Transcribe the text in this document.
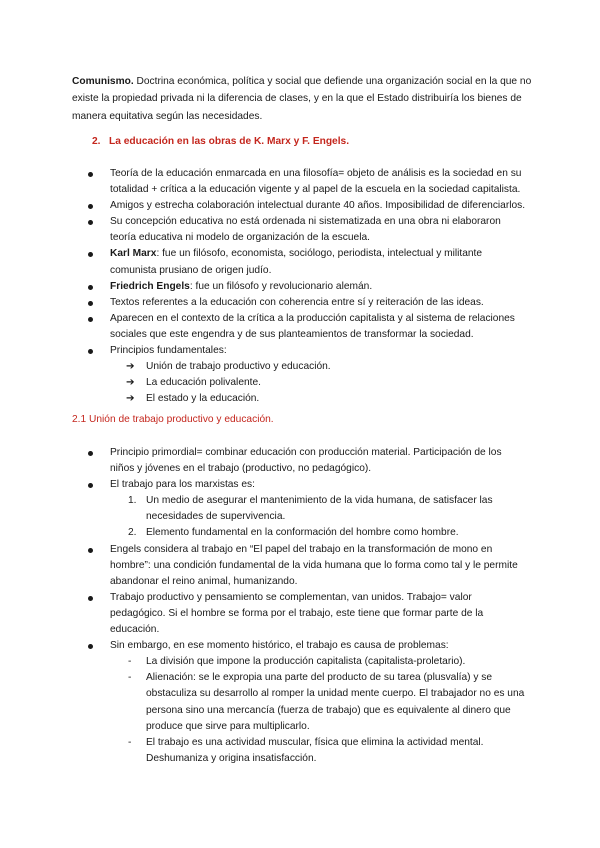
Comunismo. Doctrina económica, política y social que defiende una organización social en la que no existe la propiedad privada ni la diferencia de clases, y en la que el Estado distribuiría los bienes de manera equitativa según las necesidades.

2. La educación en las obras de K. Marx y F. Engels.

Teoría de la educación enmarcada en una filosofía= objeto de análisis es la sociedad en su totalidad + crítica a la educación vigente y al papel de la escuela en la sociedad capitalista.
Amigos y estrecha colaboración intelectual durante 40 años. Imposibilidad de diferenciarlos.
Su concepción educativa no está ordenada ni sistematizada en una obra ni elaboraron teoría educativa ni modelo de organización de la escuela.
Karl Marx: fue un filósofo, economista, sociólogo, periodista, intelectual y militante comunista prusiano de origen judío.
Friedrich Engels: fue un filósofo y revolucionario alemán.
Textos referentes a la educación con coherencia entre sí y reiteración de las ideas.
Aparecen en el contexto de la crítica a la producción capitalista y al sistema de relaciones sociales que este engendra y de sus planteamientos de transformar la sociedad.
Principios fundamentales:
➔ Unión de trabajo productivo y educación.
➔ La educación polivalente.
➔ El estado y la educación.

2.1 Unión de trabajo productivo y educación.

Principio primordial= combinar educación con producción material. Participación de los niños y jóvenes en el trabajo (productivo, no pedagógico).
El trabajo para los marxistas es:
1. Un medio de asegurar el mantenimiento de la vida humana, de satisfacer las necesidades de supervivencia.
2. Elemento fundamental en la conformación del hombre como hombre.
Engels considera al trabajo en “El papel del trabajo en la transformación de mono en hombre”: una condición fundamental de la vida humana que lo forma como tal y le permite abandonar el reino animal, humanizando.
Trabajo productivo y pensamiento se complementan, van unidos. Trabajo= valor pedagógico. Si el hombre se forma por el trabajo, este tiene que formar parte de la educación.
Sin embargo, en ese momento histórico, el trabajo es causa de problemas:
- La división que impone la producción capitalista (capitalista-proletario).
- Alienación: se le expropia una parte del producto de su tarea (plusvalía) y se obstaculiza su desarrollo al romper la unidad mente cuerpo. El trabajador no es una persona sino una mercancía (fuerza de trabajo) que es equivalente al dinero que produce que sirve para multiplicarlo.
- El trabajo es una actividad muscular, física que elimina la actividad mental. Deshumaniza y origina insatisfacción.
